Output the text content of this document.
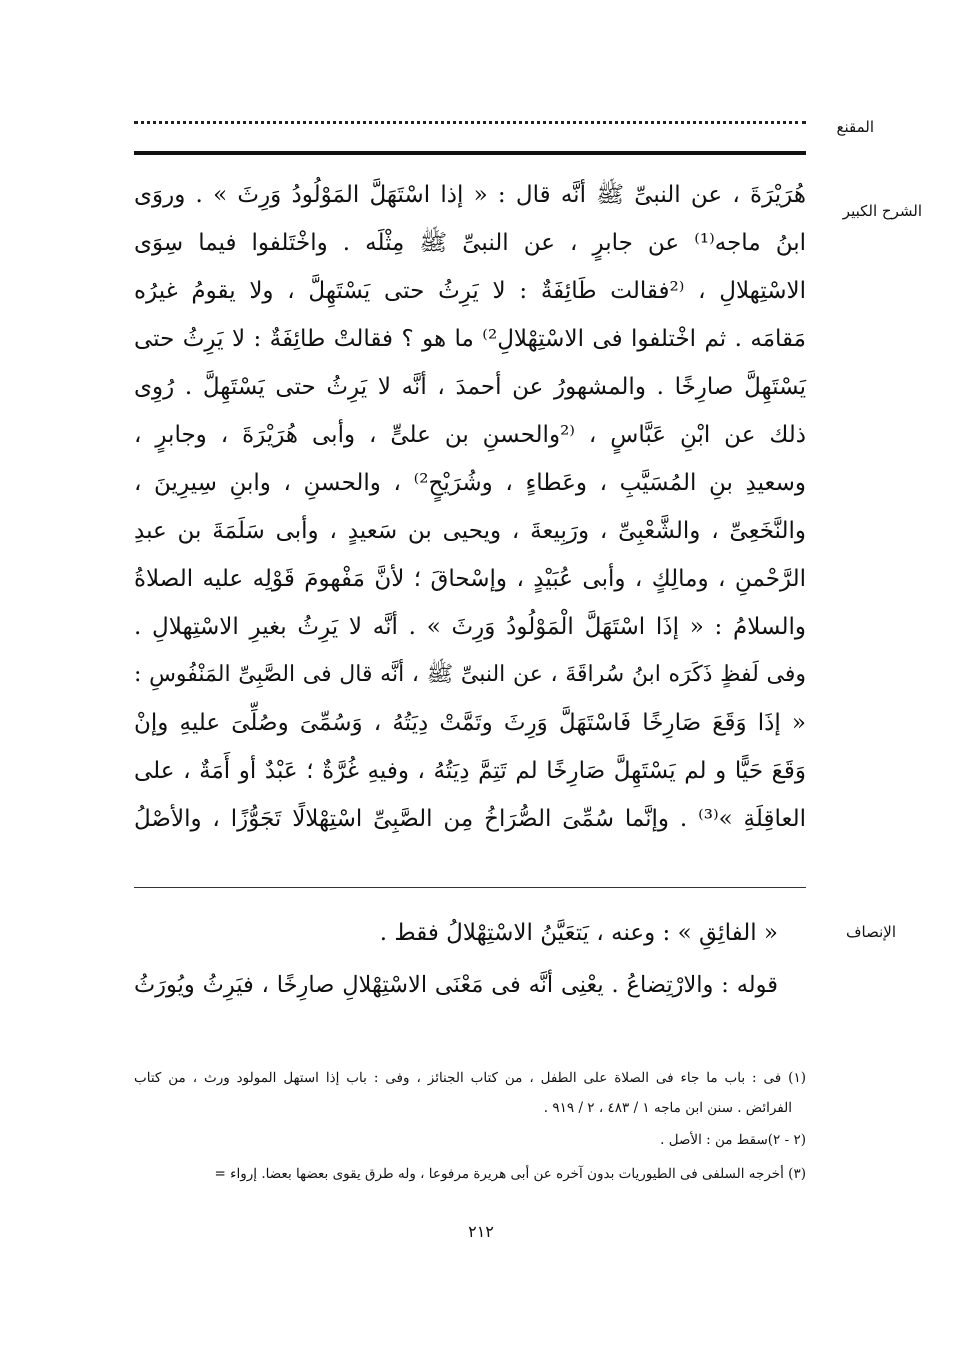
المقنع
الشرح الكبير
الإنصاف
هُرَيْرَةَ ، عن النبىِّ ﷺ أنَّه قال : « إذا اسْتَهَلَّ المَوْلُودُ وَرِثَ » . وروَى
ابنُ ماجه⁽¹⁾ عن جابرٍ ، عن النبىِّ ﷺ مِثْلَه . واخْتَلفوا فيما سِوَى
الاسْتِهلالِ ، ⁽²فقالت طَائِفَةٌ : لا يَرِثُ حتى يَسْتَهِلَّ ، ولا يقومُ غيرُه
مَقامَه . ثم اخْتلفوا فى الاسْتِهْلالِ²⁾ ما هو ؟ فقالتْ طائِفَةٌ : لا يَرِثُ حتى
يَسْتَهِلَّ صارِخًا . والمشهورُ عن أحمدَ ، أنَّه لا يَرِثُ حتى يَسْتَهِلَّ . رُوِى
ذلك عن ابْنِ عَبَّاسٍ ، ⁽²والحسنِ بن علىٍّ ، وأبى هُرَيْرَةَ ، وجابرٍ ،
وسعيدِ بنِ المُسَيَّبِ ، وعَطاءٍ ، وشُرَيْحٍ²⁾ ، والحسنِ ، وابنِ سِيرِينَ ،
والنَّخَعِىِّ ، والشَّعْبِىِّ ، ورَبِيعةَ ، ويحيى بن سَعيدٍ ، وأبى سَلَمَةَ بن عبدِ
الرَّحْمنِ ، ومالِكٍ ، وأبى عُبَيْدٍ ، وإسْحاقَ ؛ لأنَّ مَفْهومَ قَوْلِه عليه الصلاةُ
والسلامُ : « إذَا اسْتَهَلَّ الْمَوْلُودُ وَرِثَ » . أنَّه لا يَرِثُ بغيرِ الاسْتِهلالِ .
وفى لَفظٍ ذَكَرَه ابنُ سُراقَةَ ، عن النبىِّ ﷺ ، أنَّه قال فى الصَّبِىِّ المَنْفُوسِ :
« إذَا وَقَعَ صَارِخًا فَاسْتَهَلَّ وَرِثَ وتَمَّتْ دِيَتُهُ ، وَسُمِّىَ وصُلِّىَ عليهِ وإنْ
وَقَعَ حَيًّا و لم يَسْتَهِلَّ صَارِخًا لم تَتِمَّ دِيَتُهُ ، وفيهِ غُرَّةٌ ؛ عَبْدٌ أو أَمَةٌ ، على
العاقِلَةِ »⁽³⁾ . وإنَّما سُمِّىَ الصُّرَاخُ مِن الصَّبِىِّ اسْتِهْلالًا تَجَوُّزًا ، والأصْلُ
« الفائِقِ » : وعنه ، يَتعَيَّنُ الاسْتِهْلالُ فقط .
قوله : والارْتِضاعُ . يعْنِى أنَّه فى مَعْنَى الاسْتِهْلالِ صارِخًا ، فيَرِثُ ويُورَثُ
(١) فى : باب ما جاء فى الصلاة على الطفل ، من كتاب الجنائز ، وفى : باب إذا استهل المولود ورث ، من كتاب
الفرائض . سنن ابن ماجه ١ / ٤٨٣ ، ٢ / ٩١٩ .
(٢ - ٢)سقط من : الأصل .
(٣) أخرجه السلفى فى الطيوريات بدون آخره عن أبى هريرة مرفوعا ، وله طرق يقوى بعضها بعضا. إرواء =
٢١٢
